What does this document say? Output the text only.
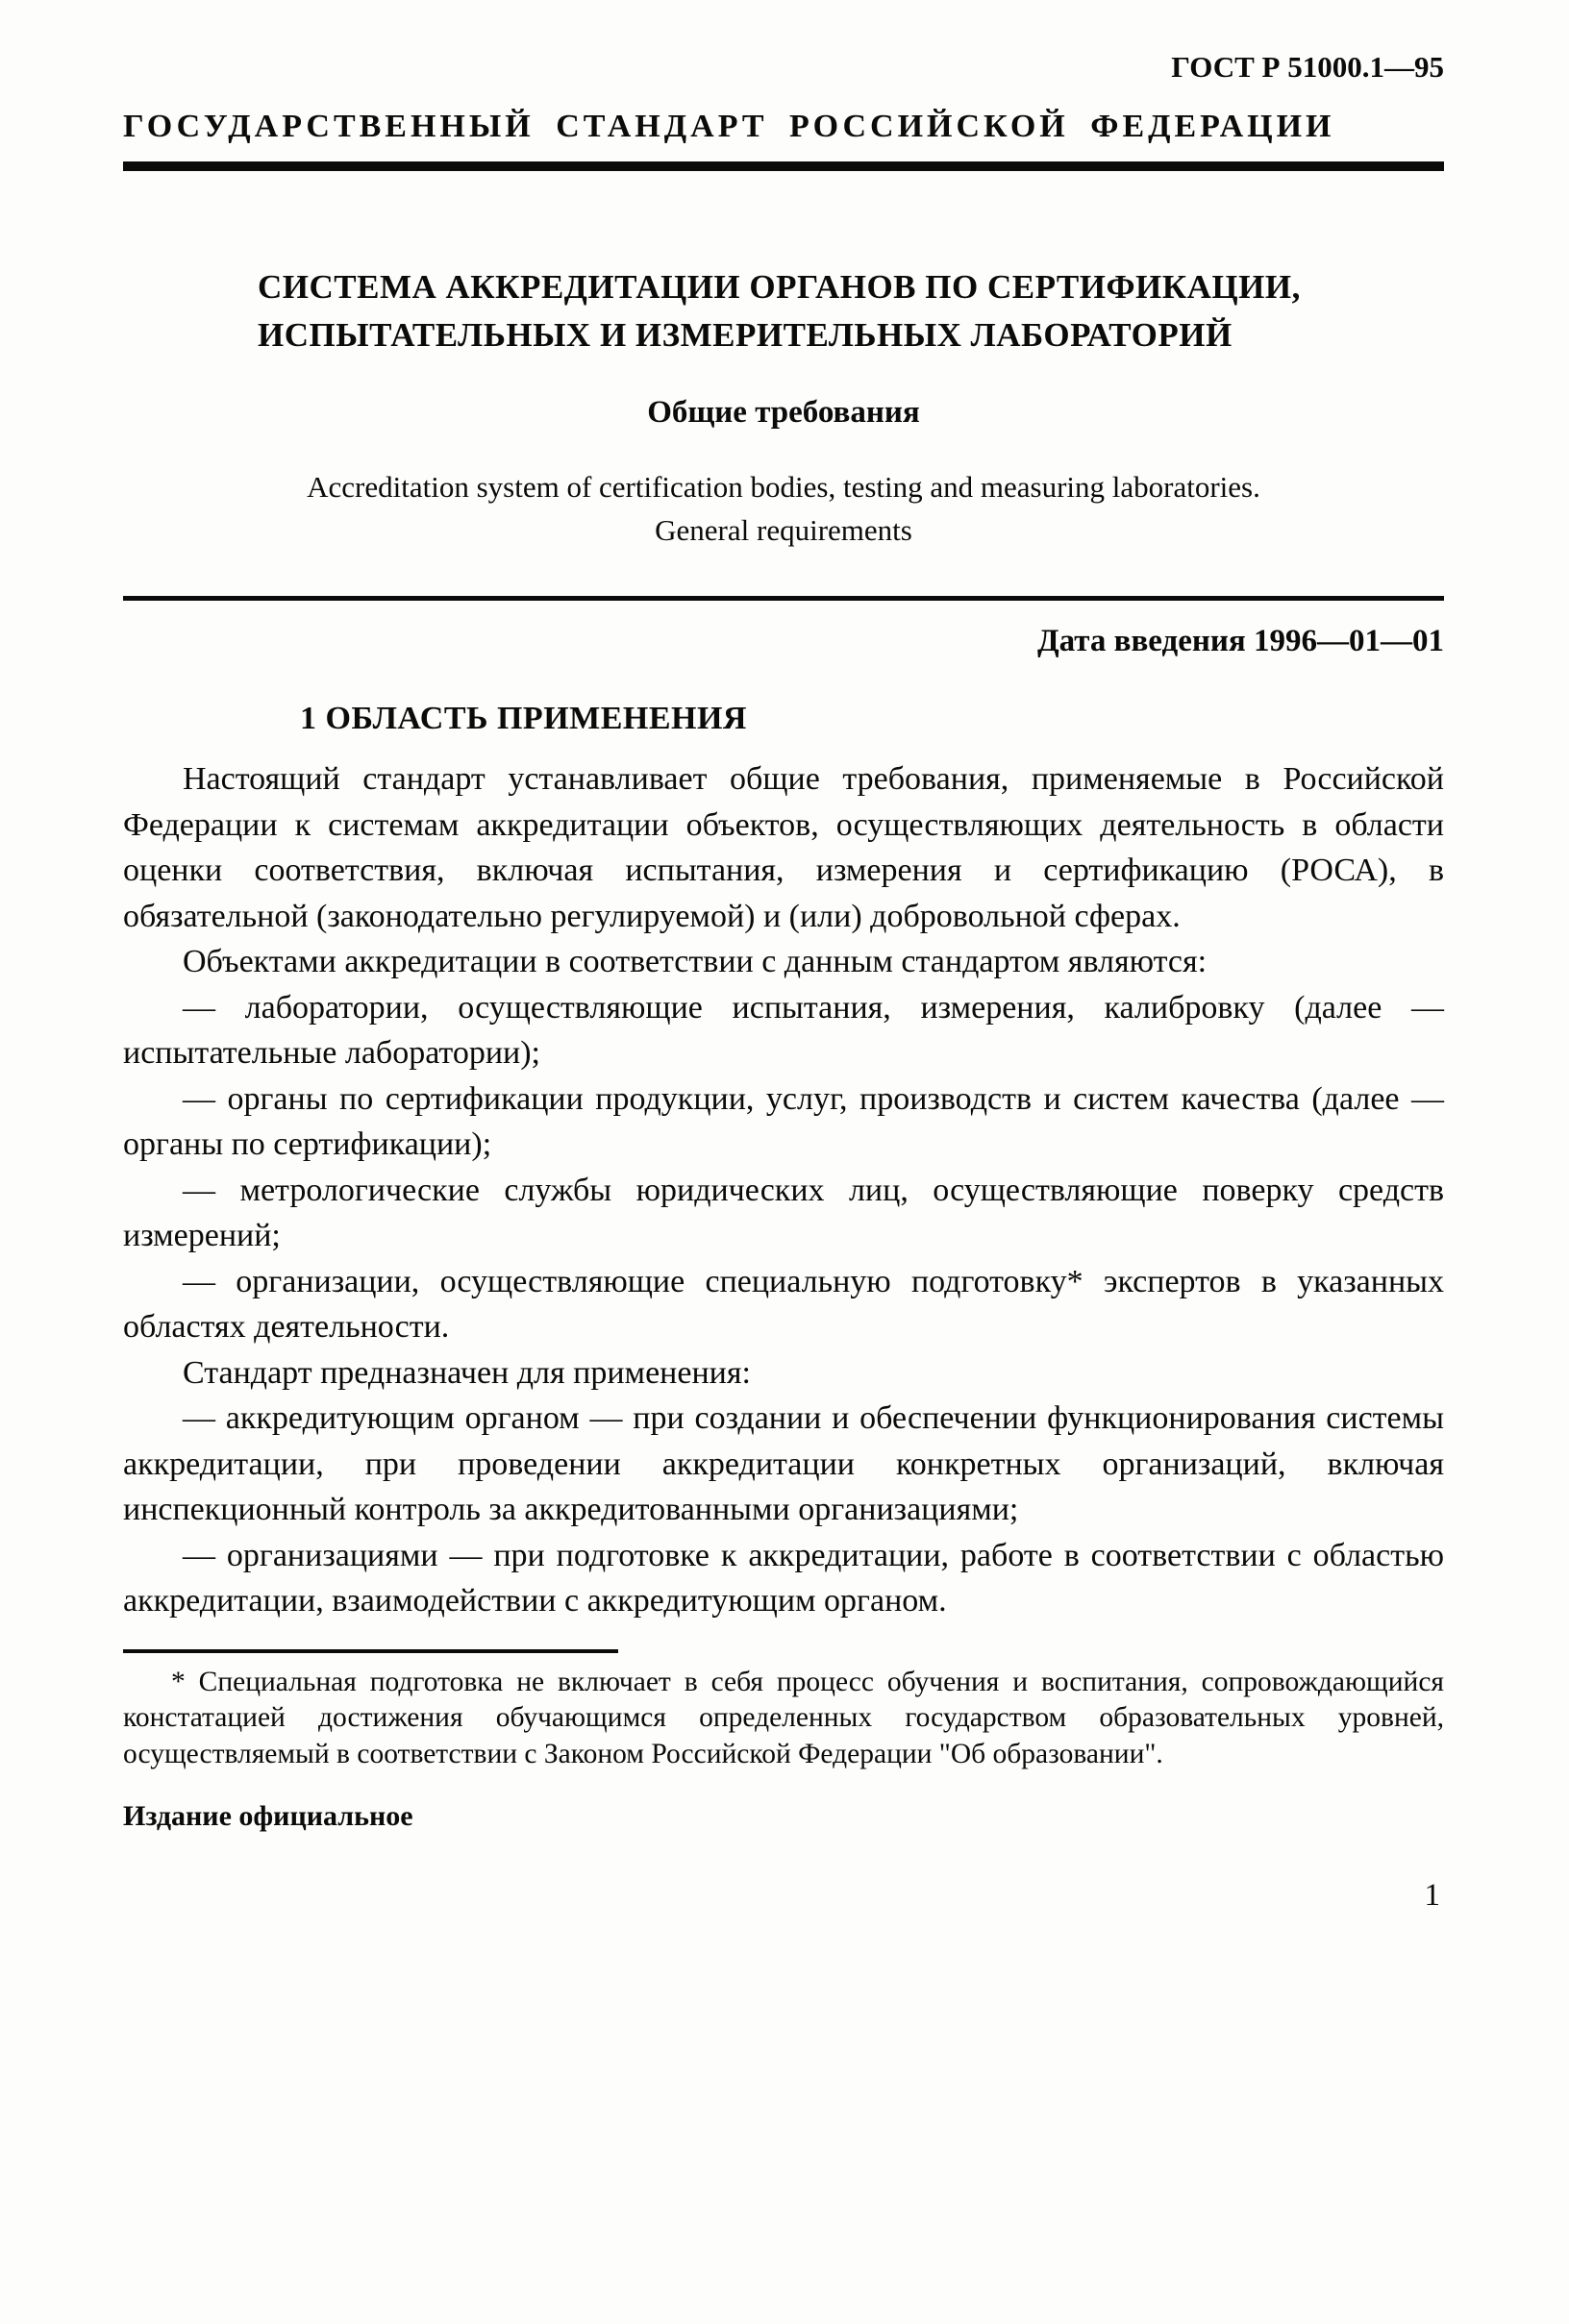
ГОСТ Р 51000.1—95
ГОСУДАРСТВЕННЫЙ СТАНДАРТ РОССИЙСКОЙ ФЕДЕРАЦИИ
СИСТЕМА АККРЕДИТАЦИИ ОРГАНОВ ПО СЕРТИФИКАЦИИ,
ИСПЫТАТЕЛЬНЫХ И ИЗМЕРИТЕЛЬНЫХ ЛАБОРАТОРИЙ
Общие требования
Accreditation system of certification bodies, testing and measuring laboratories.
General requirements
Дата введения 1996—01—01
1 ОБЛАСТЬ ПРИМЕНЕНИЯ

Настоящий стандарт устанавливает общие требования, применяемые в Российской Федерации к системам аккредитации объектов, осуществляющих деятельность в области оценки соответствия, включая испытания, измерения и сертификацию (РОСА), в обязательной (законодательно регулируемой) и (или) добровольной сферах.

Объектами аккредитации в соответствии с данным стандартом являются:

— лаборатории, осуществляющие испытания, измерения, калибровку (далее — испытательные лаборатории);

— органы по сертификации продукции, услуг, производств и систем качества (далее — органы по сертификации);

— метрологические службы юридических лиц, осуществляющие поверку средств измерений;

— организации, осуществляющие специальную подготовку* экспертов в указанных областях деятельности.

Стандарт предназначен для применения:

— аккредитующим органом — при создании и обеспечении функционирования системы аккредитации, при проведении аккредитации конкретных организаций, включая инспекционный контроль за аккредитованными организациями;

— организациями — при подготовке к аккредитации, работе в соответствии с областью аккредитации, взаимодействии с аккредитующим органом.

* Специальная подготовка не включает в себя процесс обучения и воспитания, сопровождающийся констатацией достижения обучающимся определенных государством образовательных уровней, осуществляемый в соответствии с Законом Российской Федерации "Об образовании".

Издание официальное
1
